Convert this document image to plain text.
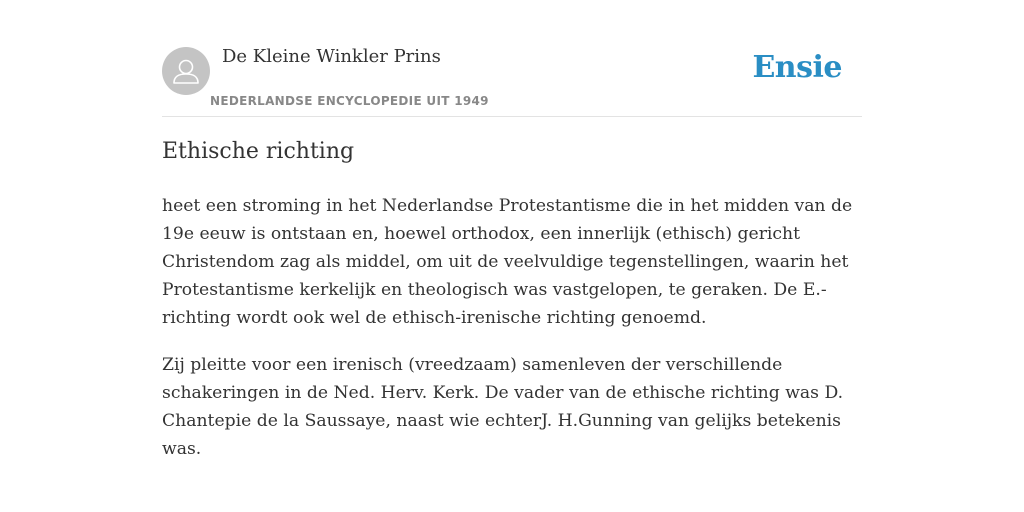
De Kleine Winkler Prins
NEDERLANDSE ENCYCLOPEDIE UIT 1949
Ensie
Ethische richting

heet een stroming in het Nederlandse Protestantisme die in het midden van de 19e eeuw is ontstaan en, hoewel orthodox, een innerlijk (ethisch) gericht Christendom zag als middel, om uit de veelvuldige tegenstellingen, waarin het Protestantisme kerkelijk en theologisch was vastgelopen, te geraken. De E.-richting wordt ook wel de ethisch-irenische richting genoemd.

Zij pleitte voor een irenisch (vreedzaam) samenleven der verschillende schakeringen in de Ned. Herv. Kerk. De vader van de ethische richting was D. Chantepie de la Saussaye, naast wie echterJ. H.Gunning van gelijks betekenis was.
